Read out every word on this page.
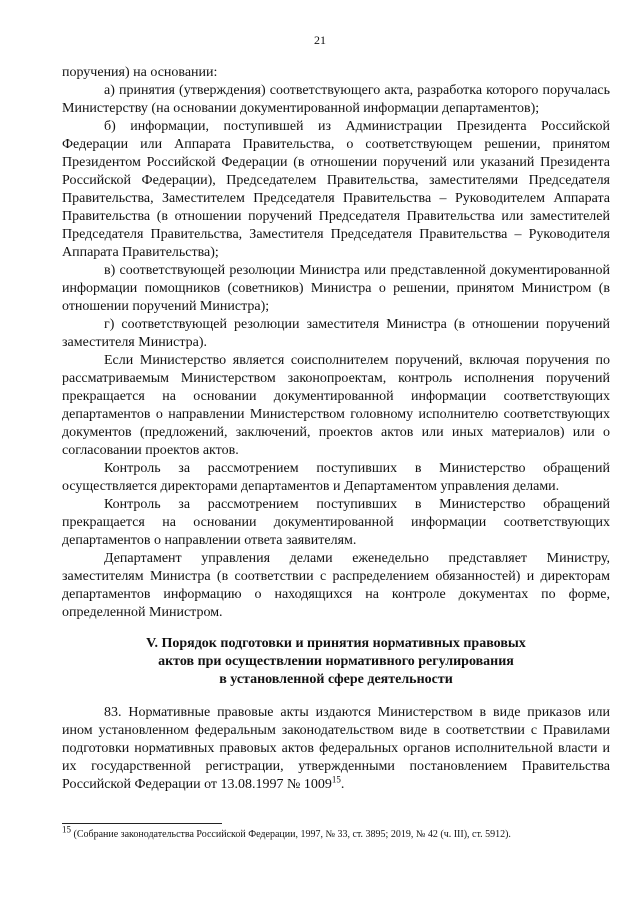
21

поручения) на основании:

а) принятия (утверждения) соответствующего акта, разработка которого поручалась Министерству (на основании документированной информации департаментов);

б) информации, поступившей из Администрации Президента Российской Федерации или Аппарата Правительства, о соответствующем решении, принятом Президентом Российской Федерации (в отношении поручений или указаний Президента Российской Федерации), Председателем Правительства, заместителями Председателя Правительства, Заместителем Председателя Правительства – Руководителем Аппарата Правительства (в отношении поручений Председателя Правительства или заместителей Председателя Правительства, Заместителя Председателя Правительства – Руководителя Аппарата Правительства);

в) соответствующей резолюции Министра или представленной документированной информации помощников (советников) Министра о решении, принятом Министром (в отношении поручений Министра);

г) соответствующей резолюции заместителя Министра (в отношении поручений заместителя Министра).

Если Министерство является соисполнителем поручений, включая поручения по рассматриваемым Министерством законопроектам, контроль исполнения поручений прекращается на основании документированной информации соответствующих департаментов о направлении Министерством головному исполнителю соответствующих документов (предложений, заключений, проектов актов или иных материалов) или о согласовании проектов актов.

Контроль за рассмотрением поступивших в Министерство обращений осуществляется директорами департаментов и Департаментом управления делами.

Контроль за рассмотрением поступивших в Министерство обращений прекращается на основании документированной информации соответствующих департаментов о направлении ответа заявителям.

Департамент управления делами еженедельно представляет Министру, заместителям Министра (в соответствии с распределением обязанностей) и директорам департаментов информацию о находящихся на контроле документах по форме, определенной Министром.

V. Порядок подготовки и принятия нормативных правовых
актов при осуществлении нормативного регулирования
в установленной сфере деятельности

83. Нормативные правовые акты издаются Министерством в виде приказов или ином установленном федеральным законодательством виде в соответствии с Правилами подготовки нормативных правовых актов федеральных органов исполнительной власти и их государственной регистрации, утвержденными постановлением Правительства Российской Федерации от 13.08.1997 № 1009$^{15}$.

$^{15}$ (Собрание законодательства Российской Федерации, 1997, № 33, ст. 3895; 2019, № 42 (ч. III), ст. 5912).
